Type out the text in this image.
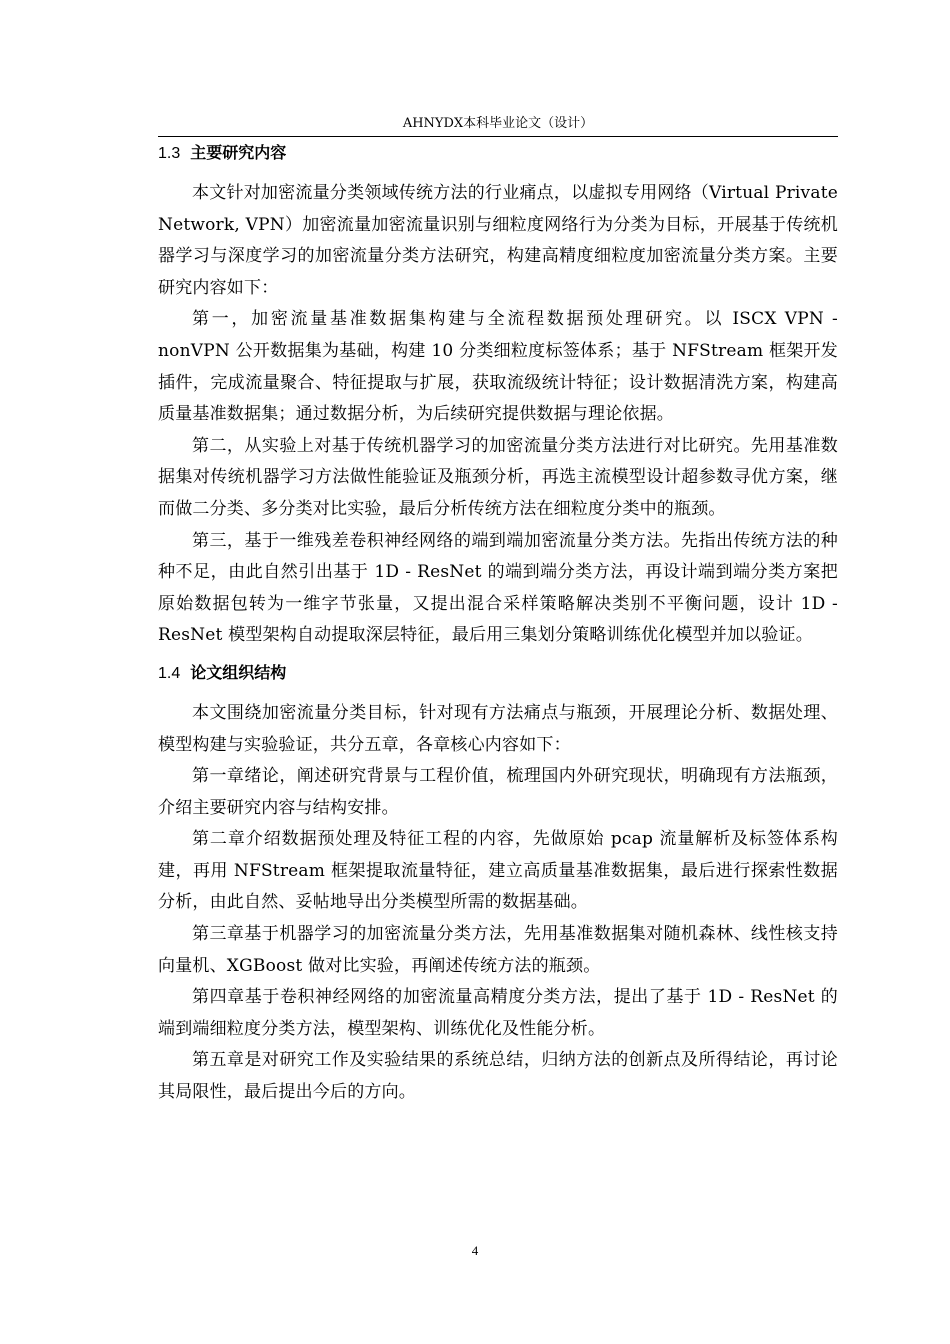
AHNYDX本科毕业论文（设计）
1.3 主要研究内容

本文针对加密流量分类领域传统方法的行业痛点，以虚拟专用网络（Virtual Private Network, VPN）加密流量加密流量识别与细粒度网络行为分类为目标，开展基于传统机器学习与深度学习的加密流量分类方法研究，构建高精度细粒度加密流量分类方案。主要研究内容如下：

第一，加密流量基准数据集构建与全流程数据预处理研究。以 ISCX VPN - nonVPN 公开数据集为基础，构建 10 分类细粒度标签体系；基于 NFStream 框架开发插件，完成流量聚合、特征提取与扩展，获取流级统计特征；设计数据清洗方案，构建高质量基准数据集；通过数据分析，为后续研究提供数据与理论依据。

第二，从实验上对基于传统机器学习的加密流量分类方法进行对比研究。先用基准数据集对传统机器学习方法做性能验证及瓶颈分析，再选主流模型设计超参数寻优方案，继而做二分类、多分类对比实验，最后分析传统方法在细粒度分类中的瓶颈。

第三，基于一维残差卷积神经网络的端到端加密流量分类方法。先指出传统方法的种种不足，由此自然引出基于 1D - ResNet 的端到端分类方法，再设计端到端分类方案把原始数据包转为一维字节张量，又提出混合采样策略解决类别不平衡问题，设计 1D - ResNet 模型架构自动提取深层特征，最后用三集划分策略训练优化模型并加以验证。

1.4 论文组织结构

本文围绕加密流量分类目标，针对现有方法痛点与瓶颈，开展理论分析、数据处理、模型构建与实验验证，共分五章，各章核心内容如下：

第一章绪论，阐述研究背景与工程价值，梳理国内外研究现状，明确现有方法瓶颈，介绍主要研究内容与结构安排。

第二章介绍数据预处理及特征工程的内容，先做原始 pcap 流量解析及标签体系构建，再用 NFStream 框架提取流量特征，建立高质量基准数据集，最后进行探索性数据分析，由此自然、妥帖地导出分类模型所需的数据基础。

第三章基于机器学习的加密流量分类方法，先用基准数据集对随机森林、线性核支持向量机、XGBoost 做对比实验，再阐述传统方法的瓶颈。

第四章基于卷积神经网络的加密流量高精度分类方法，提出了基于 1D - ResNet 的端到端细粒度分类方法，模型架构、训练优化及性能分析。

第五章是对研究工作及实验结果的系统总结，归纳方法的创新点及所得结论，再讨论其局限性，最后提出今后的方向。

4
